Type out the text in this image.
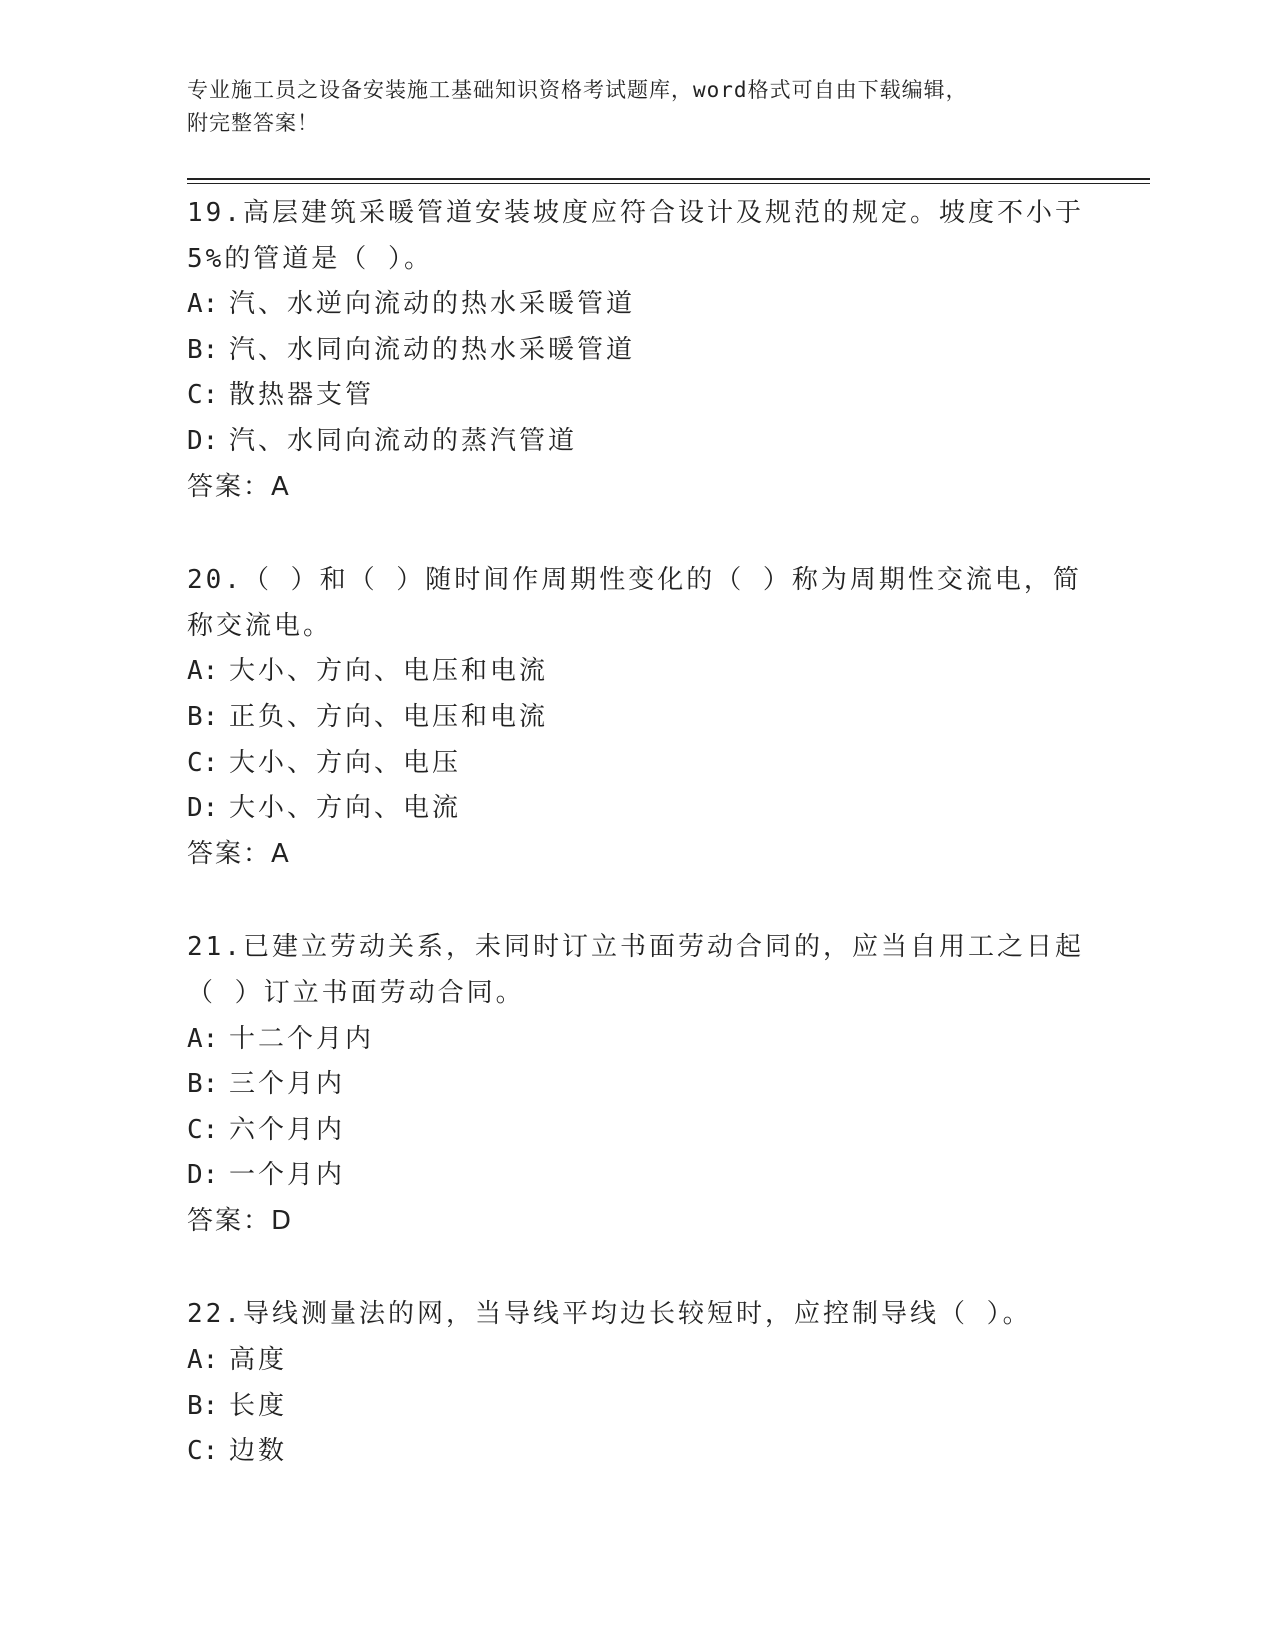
专业施工员之设备安装施工基础知识资格考试题库，word格式可自由下载编辑，
附完整答案！
19.高层建筑采暖管道安装坡度应符合设计及规范的规定。坡度不小于
5%的管道是（ ）。
A: 汽、水逆向流动的热水采暖管道
B: 汽、水同向流动的热水采暖管道
C: 散热器支管
D: 汽、水同向流动的蒸汽管道
答案：A
20.（ ）和（ ）随时间作周期性变化的（ ）称为周期性交流电，简
称交流电。
A: 大小、方向、电压和电流
B: 正负、方向、电压和电流
C: 大小、方向、电压
D: 大小、方向、电流
答案：A
21.已建立劳动关系，未同时订立书面劳动合同的，应当自用工之日起
（ ）订立书面劳动合同。
A: 十二个月内
B: 三个月内
C: 六个月内
D: 一个月内
答案：D
22.导线测量法的网，当导线平均边长较短时，应控制导线（ ）。
A: 高度
B: 长度
C: 边数
